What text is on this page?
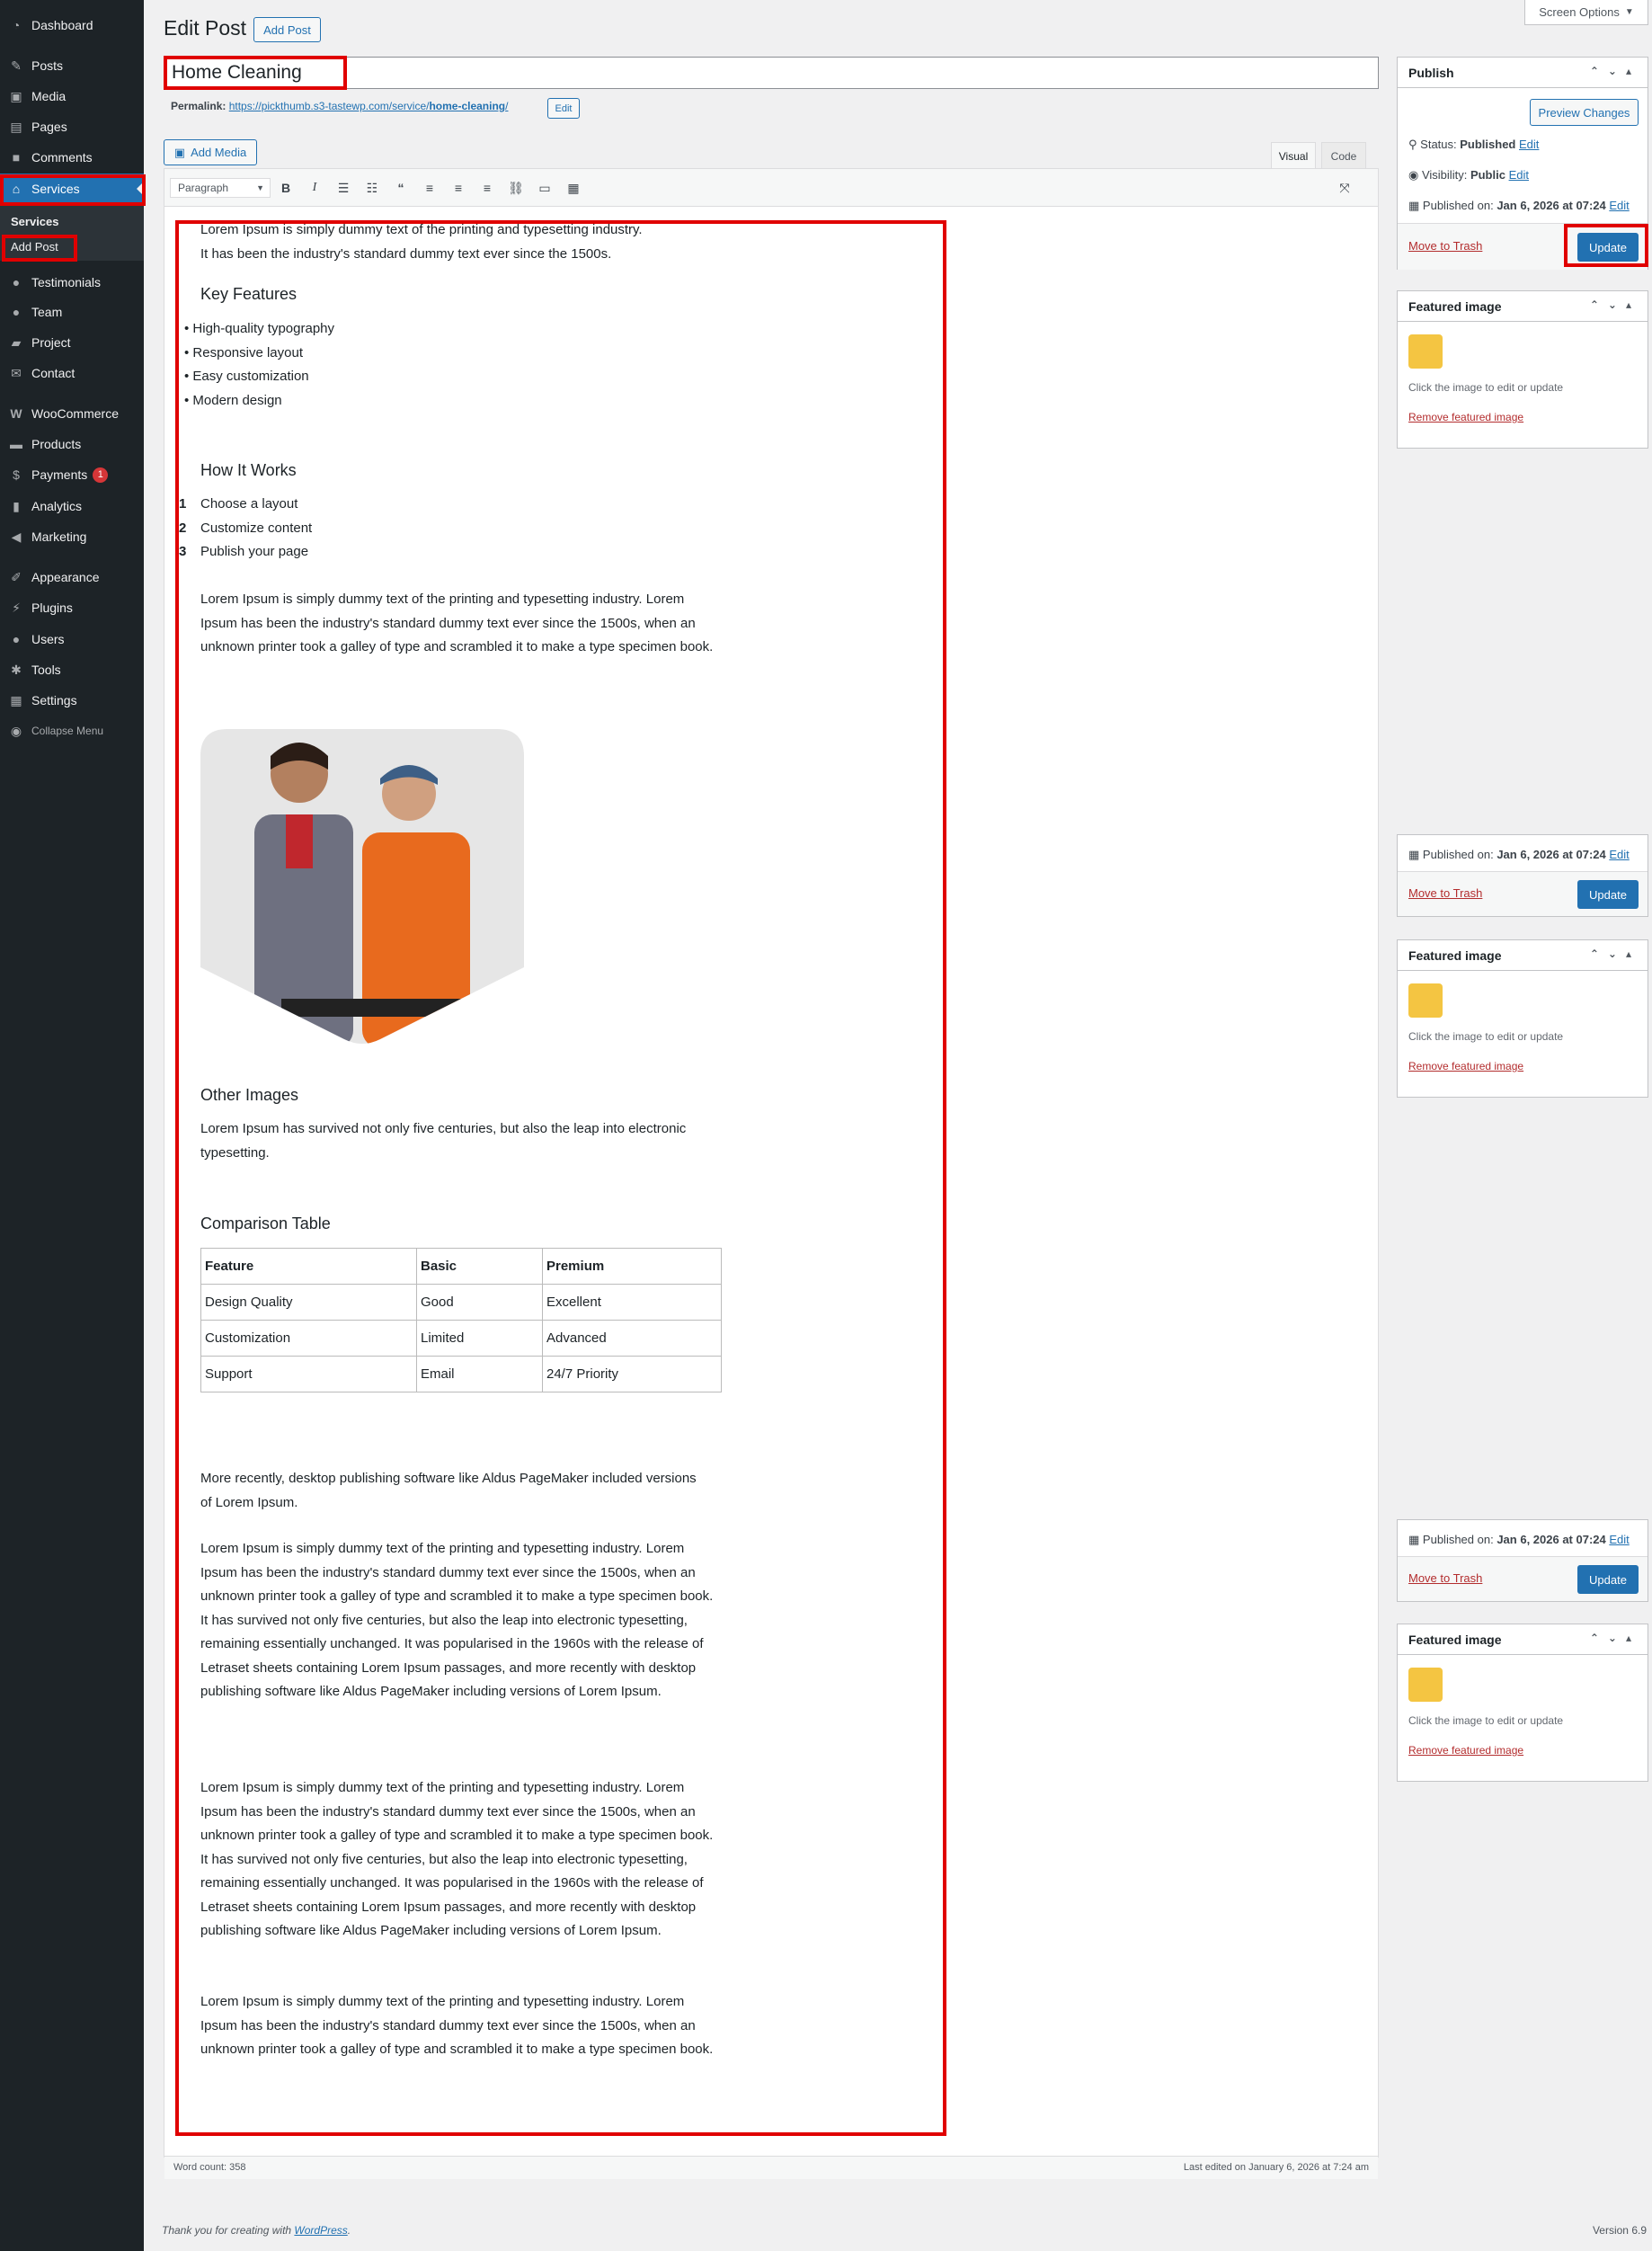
◔ Dashboard
✎ Posts
▣ Media
▤ Pages
■ Comments
⌂ Services
Services
Add Post
● Testimonials
● Team
▰ Project
✉ Contact
W WooCommerce
▬ Products
$ Payments	1
▮ Analytics
◀ Marketing
✐ Appearance
⚡ Plugins
● Users
✱ Tools
▦ Settings
◉ Collapse Menu
Edit Post	Add Post
Screen Options ▼
Home Cleaning
Permalink: https://pickthumb.s3-tastewp.com/service/home-cleaning/	Edit
▣ Add Media	Visual	Code
Paragraph	▼	B	I	☰	☷	“	≡	≡	≡	⛓	▭	▦	⤧
Lorem Ipsum is simply dummy text of the printing and typesetting industry.
It has been the industry's standard dummy text ever since the 1500s.
Key Features
• High-quality typography
• Responsive layout
• Easy customization
• Modern design
How It Works
1 Choose a layout
2 Customize content
3 Publish your page
Lorem Ipsum is simply dummy text of the printing and typesetting industry. Lorem Ipsum has been the industry's standard dummy text ever since the 1500s, when an unknown printer took a galley of type and scrambled it to make a type specimen book.
Other Images
Lorem Ipsum has survived not only five centuries, but also the leap into electronic typesetting.
Comparison Table
Feature	Basic	Premium
Design Quality	Good	Excellent
Customization	Limited	Advanced
Support	Email	24/7 Priority
More recently, desktop publishing software like Aldus PageMaker included versions of Lorem Ipsum.
Lorem Ipsum is simply dummy text of the printing and typesetting industry. Lorem Ipsum has been the industry's standard dummy text ever since the 1500s, when an unknown printer took a galley of type and scrambled it to make a type specimen book. It has survived not only five centuries, but also the leap into electronic typesetting, remaining essentially unchanged. It was popularised in the 1960s with the release of Letraset sheets containing Lorem Ipsum passages, and more recently with desktop publishing software like Aldus PageMaker including versions of Lorem Ipsum.
Lorem Ipsum is simply dummy text of the printing and typesetting industry. Lorem Ipsum has been the industry's standard dummy text ever since the 1500s, when an unknown printer took a galley of type and scrambled it to make a type specimen book. It has survived not only five centuries, but also the leap into electronic typesetting, remaining essentially unchanged. It was popularised in the 1960s with the release of Letraset sheets containing Lorem Ipsum passages, and more recently with desktop publishing software like Aldus PageMaker including versions of Lorem Ipsum.
Lorem Ipsum is simply dummy text of the printing and typesetting industry. Lorem Ipsum has been the industry's standard dummy text ever since the 1500s, when an unknown printer took a galley of type and scrambled it to make a type specimen book.
Word count: 358	Last edited on January 6, 2026 at 7:24 am
Publish	⌃⌄▴
Preview Changes
⚲ Status: Published Edit
◉ Visibility: Public Edit
▦ Published on: Jan 6, 2026 at 07:24 Edit
Move to Trash	Update
Featured image	⌃⌄▴
Click the image to edit or update
Remove featured image
▦ Published on: Jan 6, 2026 at 07:24 Edit
Move to Trash	Update
Featured image	⌃⌄▴
Click the image to edit or update
Remove featured image
▦ Published on: Jan 6, 2026 at 07:24 Edit
Move to Trash	Update
Featured image	⌃⌄▴
Click the image to edit or update
Remove featured image
Thank you for creating with WordPress.	Version 6.9
